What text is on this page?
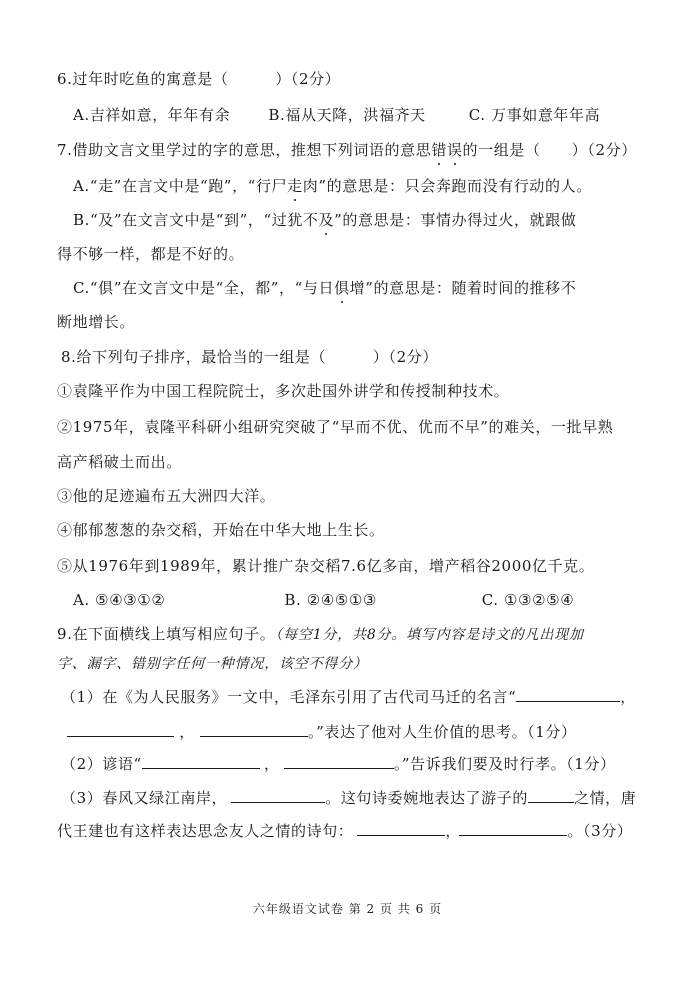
6.过年时吃鱼的寓意是（　　　）（2分）
A.吉祥如意，年年有余	B.福从天降，洪福齐天	C. 万事如意年年高
7.借助文言文里学过的字的意思，推想下列词语的意思错误的一组是（　　）（2分）
A.“走”在言文中是“跑”，“行尸走肉”的意思是：只会奔跑而没有行动的人。
B.“及”在文言文中是“到”，“过犹不及”的意思是：事情办得过火，就跟做
得不够一样，都是不好的。
C.“俱”在文言文中是“全，都”，“与日俱增”的意思是：随着时间的推移不
断地增长。
8.给下列句子排序，最恰当的一组是（　　　）（2分）
①袁隆平作为中国工程院院士，多次赴国外讲学和传授制种技术。
②1975年，袁隆平科研小组研究突破了“早而不优、优而不早”的难关，一批早熟
高产稻破土而出。
③他的足迹遍布五大洲四大洋。
④郁郁葱葱的杂交稻，开始在中华大地上生长。
⑤从1976年到1989年，累计推广杂交稻7.6亿多亩，增产稻谷2000亿千克。
A. ⑤④③①②	B. ②④⑤①③	C. ①③②⑤④
9.在下面横线上填写相应句子。（每空1分，共8分。填写内容是诗文的凡出现加
字、漏字、错别字任何一种情况，该空不得分）
（1）在《为人民服务》一文中，毛泽东引用了古代司马迁的名言“	，
，	。”表达了他对人生价值的思考。（1分）
（2）谚语“	，	。”告诉我们要及时行孝。（1分）
（3）春风又绿江南岸，	。这句诗委婉地表达了游子的	之情，唐
代王建也有这样表达思念友人之情的诗句：	，	。（3分）
六年级语文试卷 第 2 页 共 6 页
